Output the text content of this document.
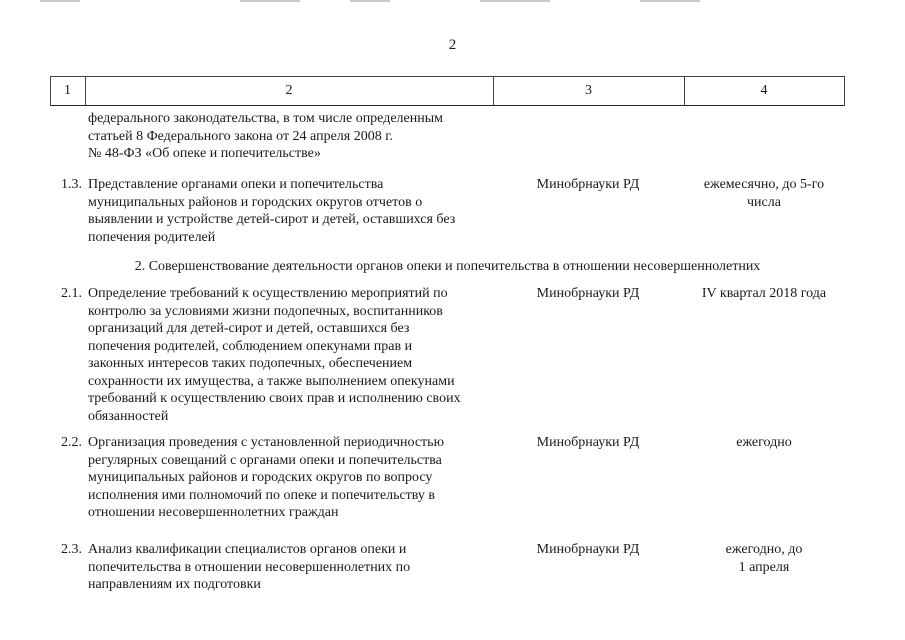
2
1	2	3	4
федерального законодательства, в том числе определенным
статьей 8 Федерального закона от 24 апреля 2008 г.
№ 48-ФЗ «Об опеке и попечительстве»
1.3. Представление органами опеки и попечительства
муниципальных районов и городских округов отчетов о
выявлении и устройстве детей-сирот и детей, оставшихся без
попечения родителей
Минобрнауки РД	ежемесячно, до 5-го
числа
2. Совершенствование деятельности органов опеки и попечительства в отношении несовершеннолетних
2.1. Определение требований к осуществлению мероприятий по
контролю за условиями жизни подопечных, воспитанников
организаций для детей-сирот и детей, оставшихся без
попечения родителей, соблюдением опекунами прав и
законных интересов таких подопечных, обеспечением
сохранности их имущества, а также выполнением опекунами
требований к осуществлению своих прав и исполнению своих
обязанностей
Минобрнауки РД	IV квартал 2018 года
2.2. Организация проведения с установленной периодичностью
регулярных совещаний с органами опеки и попечительства
муниципальных районов и городских округов по вопросу
исполнения ими полномочий по опеке и попечительству в
отношении несовершеннолетних граждан
Минобрнауки РД	ежегодно
2.3. Анализ квалификации специалистов органов опеки и
попечительства в отношении несовершеннолетних по
направлениям их подготовки
Минобрнауки РД	ежегодно, до
1 апреля
